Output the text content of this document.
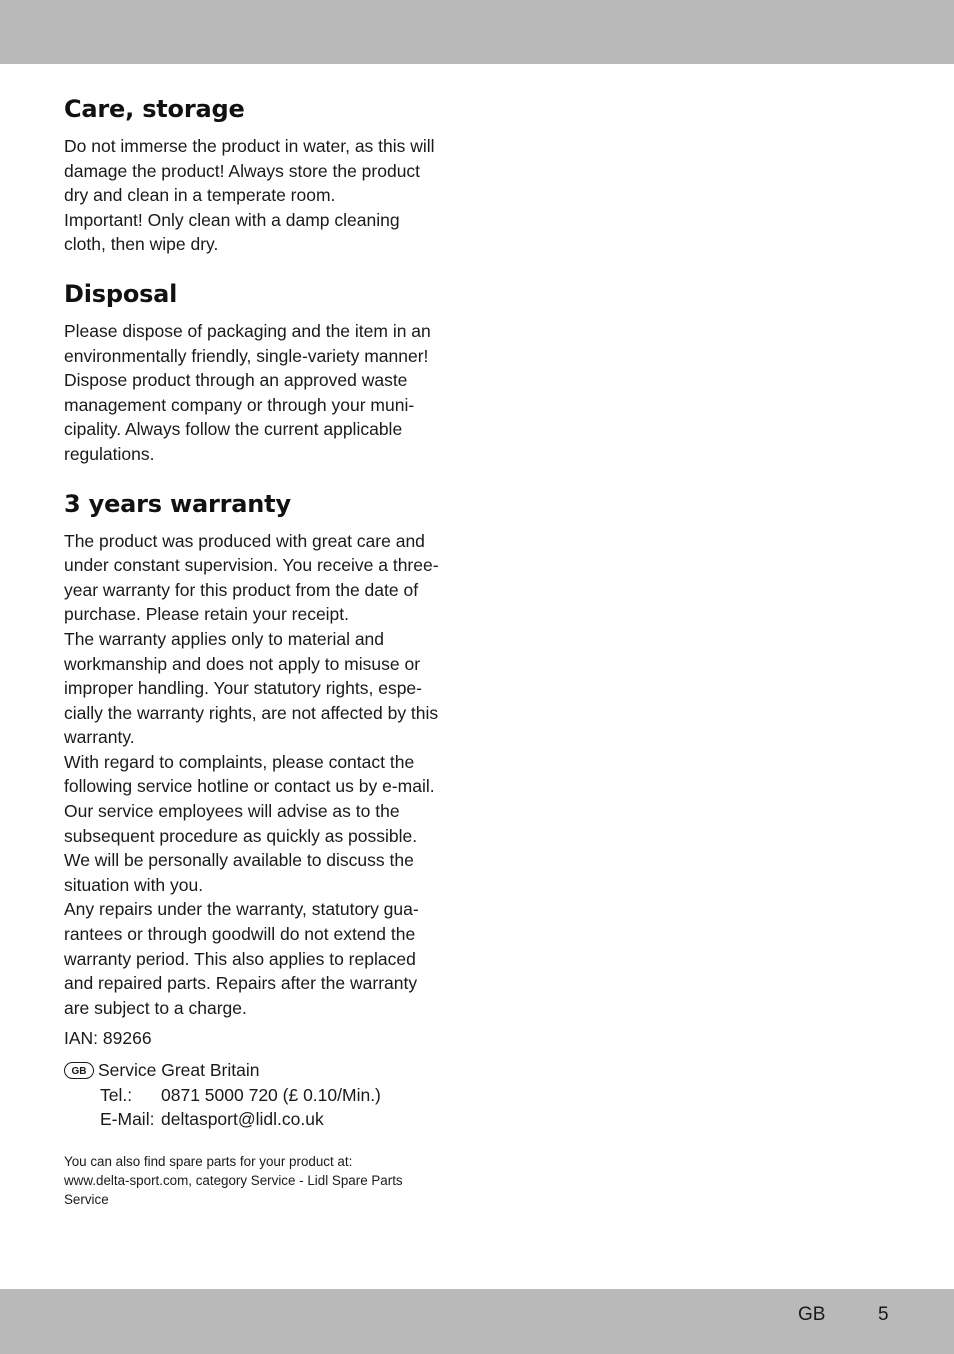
Care, storage

Do not immerse the product in water, as this will

damage the product! Always store the product

dry and clean in a temperate room.

Important! Only clean with a damp cleaning

cloth, then wipe dry.

Disposal

Please dispose of packaging and the item in an

environmentally friendly, single-variety manner!

Dispose product through an approved waste

management company or through your muni-

cipality. Always follow the current applicable

regulations.

3 years warranty

The product was produced with great care and

under constant supervision. You receive a three-

year warranty for this product from the date of

purchase. Please retain your receipt.

The warranty applies only to material and

workmanship and does not apply to misuse or

improper handling. Your statutory rights, espe-

cially the warranty rights, are not affected by this

warranty.

With regard to complaints, please contact the

following service hotline or contact us by e-mail.

Our service employees will advise as to the

subsequent procedure as quickly as possible.

We will be personally available to discuss the

situation with you.

Any repairs under the warranty, statutory gua-

rantees or through goodwill do not extend the

warranty period. This also applies to replaced

and repaired parts. Repairs after the warranty

are subject to a charge.

IAN: 89266
GB Service Great Britain
Tel.:	0871 5000 720 (£ 0.10/Min.)
E-Mail: deltasport@lidl.co.uk
You can also find spare parts for your product at:
www.delta-sport.com, category Service - Lidl Spare Parts
Service
GB	5
